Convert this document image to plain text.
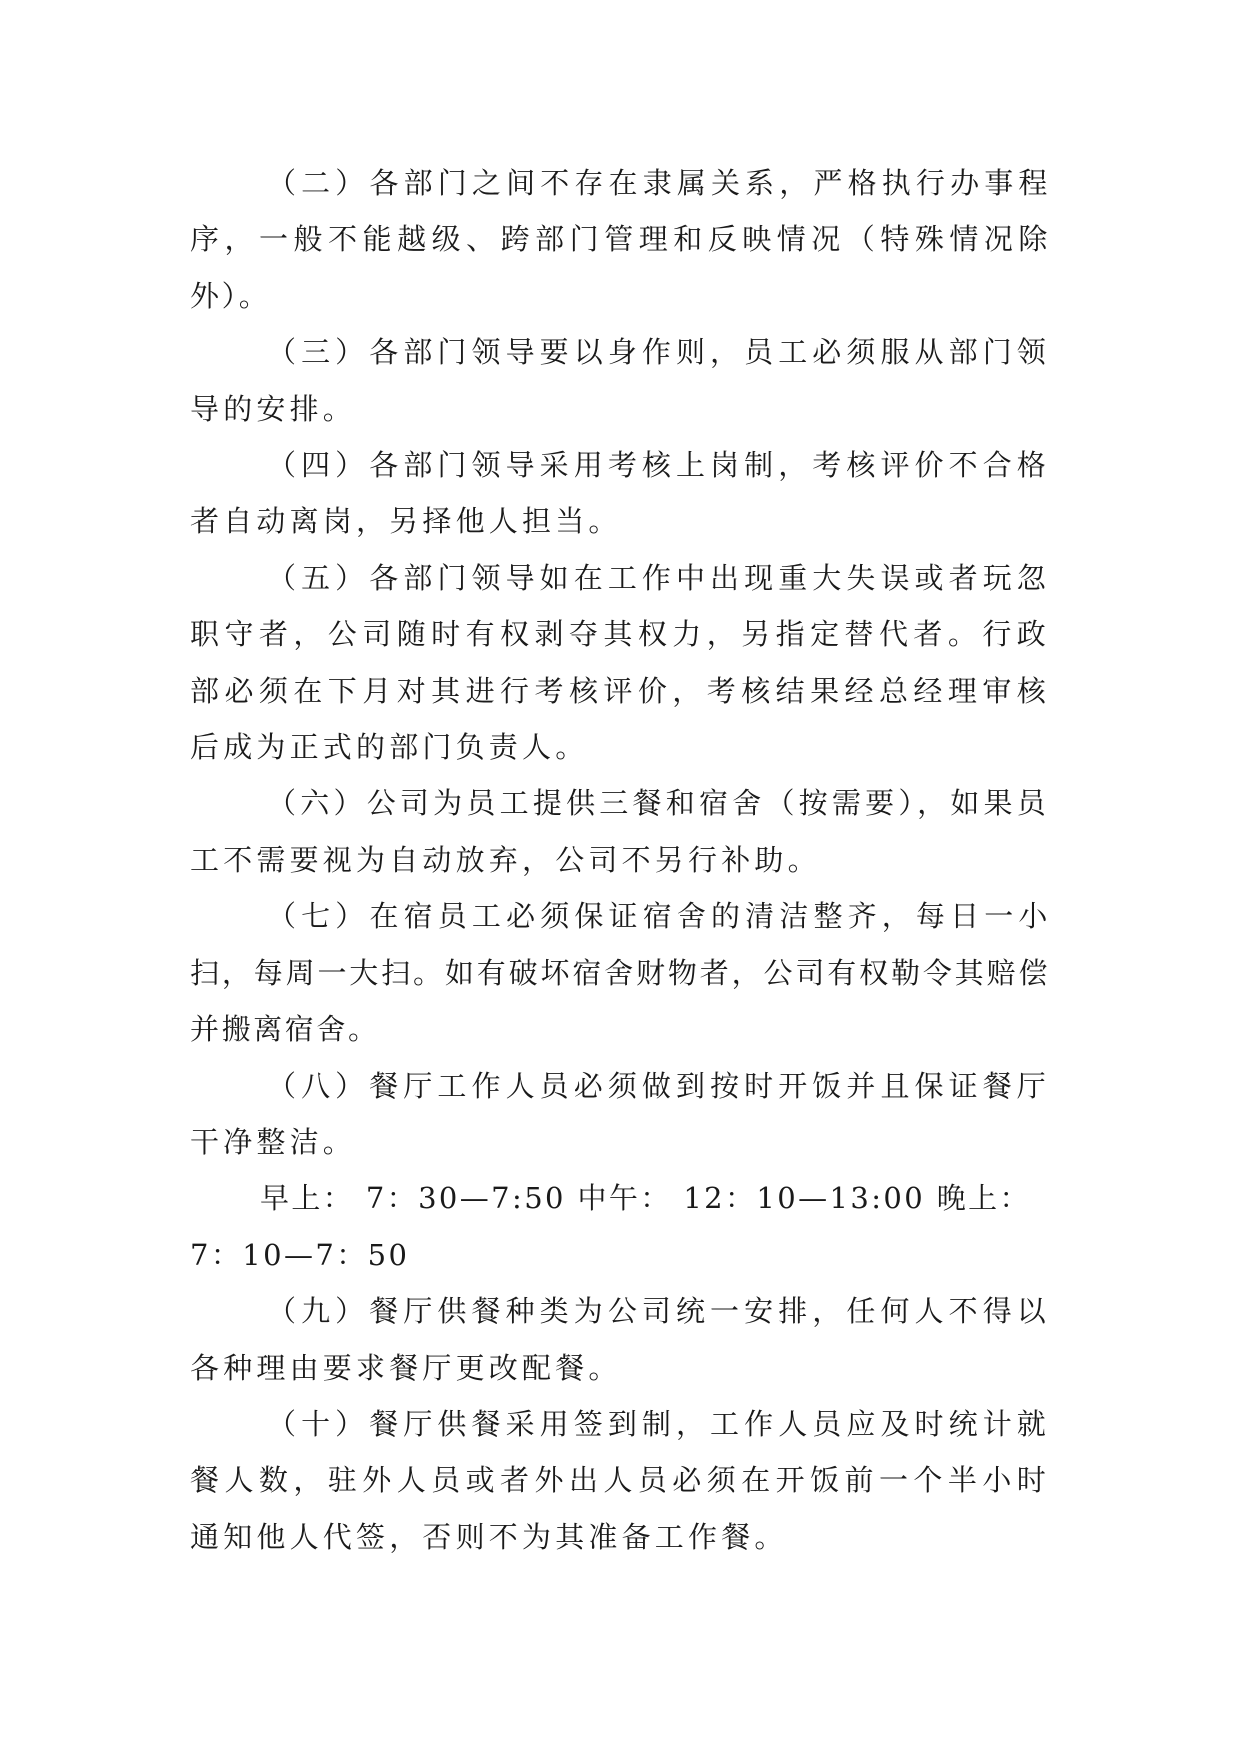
（二）各部门之间不存在隶属关系，严格执行办事程序，一般不能越级、跨部门管理和反映情况（特殊情况除外）。

（三）各部门领导要以身作则，员工必须服从部门领导的安排。

（四）各部门领导采用考核上岗制，考核评价不合格者自动离岗，另择他人担当。

（五）各部门领导如在工作中出现重大失误或者玩忽职守者，公司随时有权剥夺其权力，另指定替代者。行政部必须在下月对其进行考核评价，考核结果经总经理审核后成为正式的部门负责人。

（六）公司为员工提供三餐和宿舍（按需要），如果员工不需要视为自动放弃，公司不另行补助。

（七）在宿员工必须保证宿舍的清洁整齐，每日一小扫，每周一大扫。如有破坏宿舍财物者，公司有权勒令其赔偿并搬离宿舍。

（八）餐厅工作人员必须做到按时开饭并且保证餐厅干净整洁。

早上： 7：30—7:50 中午： 12：10—13:00 晚上：7：10—7：50

（九）餐厅供餐种类为公司统一安排，任何人不得以各种理由要求餐厅更改配餐。

（十）餐厅供餐采用签到制，工作人员应及时统计就餐人数，驻外人员或者外出人员必须在开饭前一个半小时通知他人代签，否则不为其准备工作餐。
